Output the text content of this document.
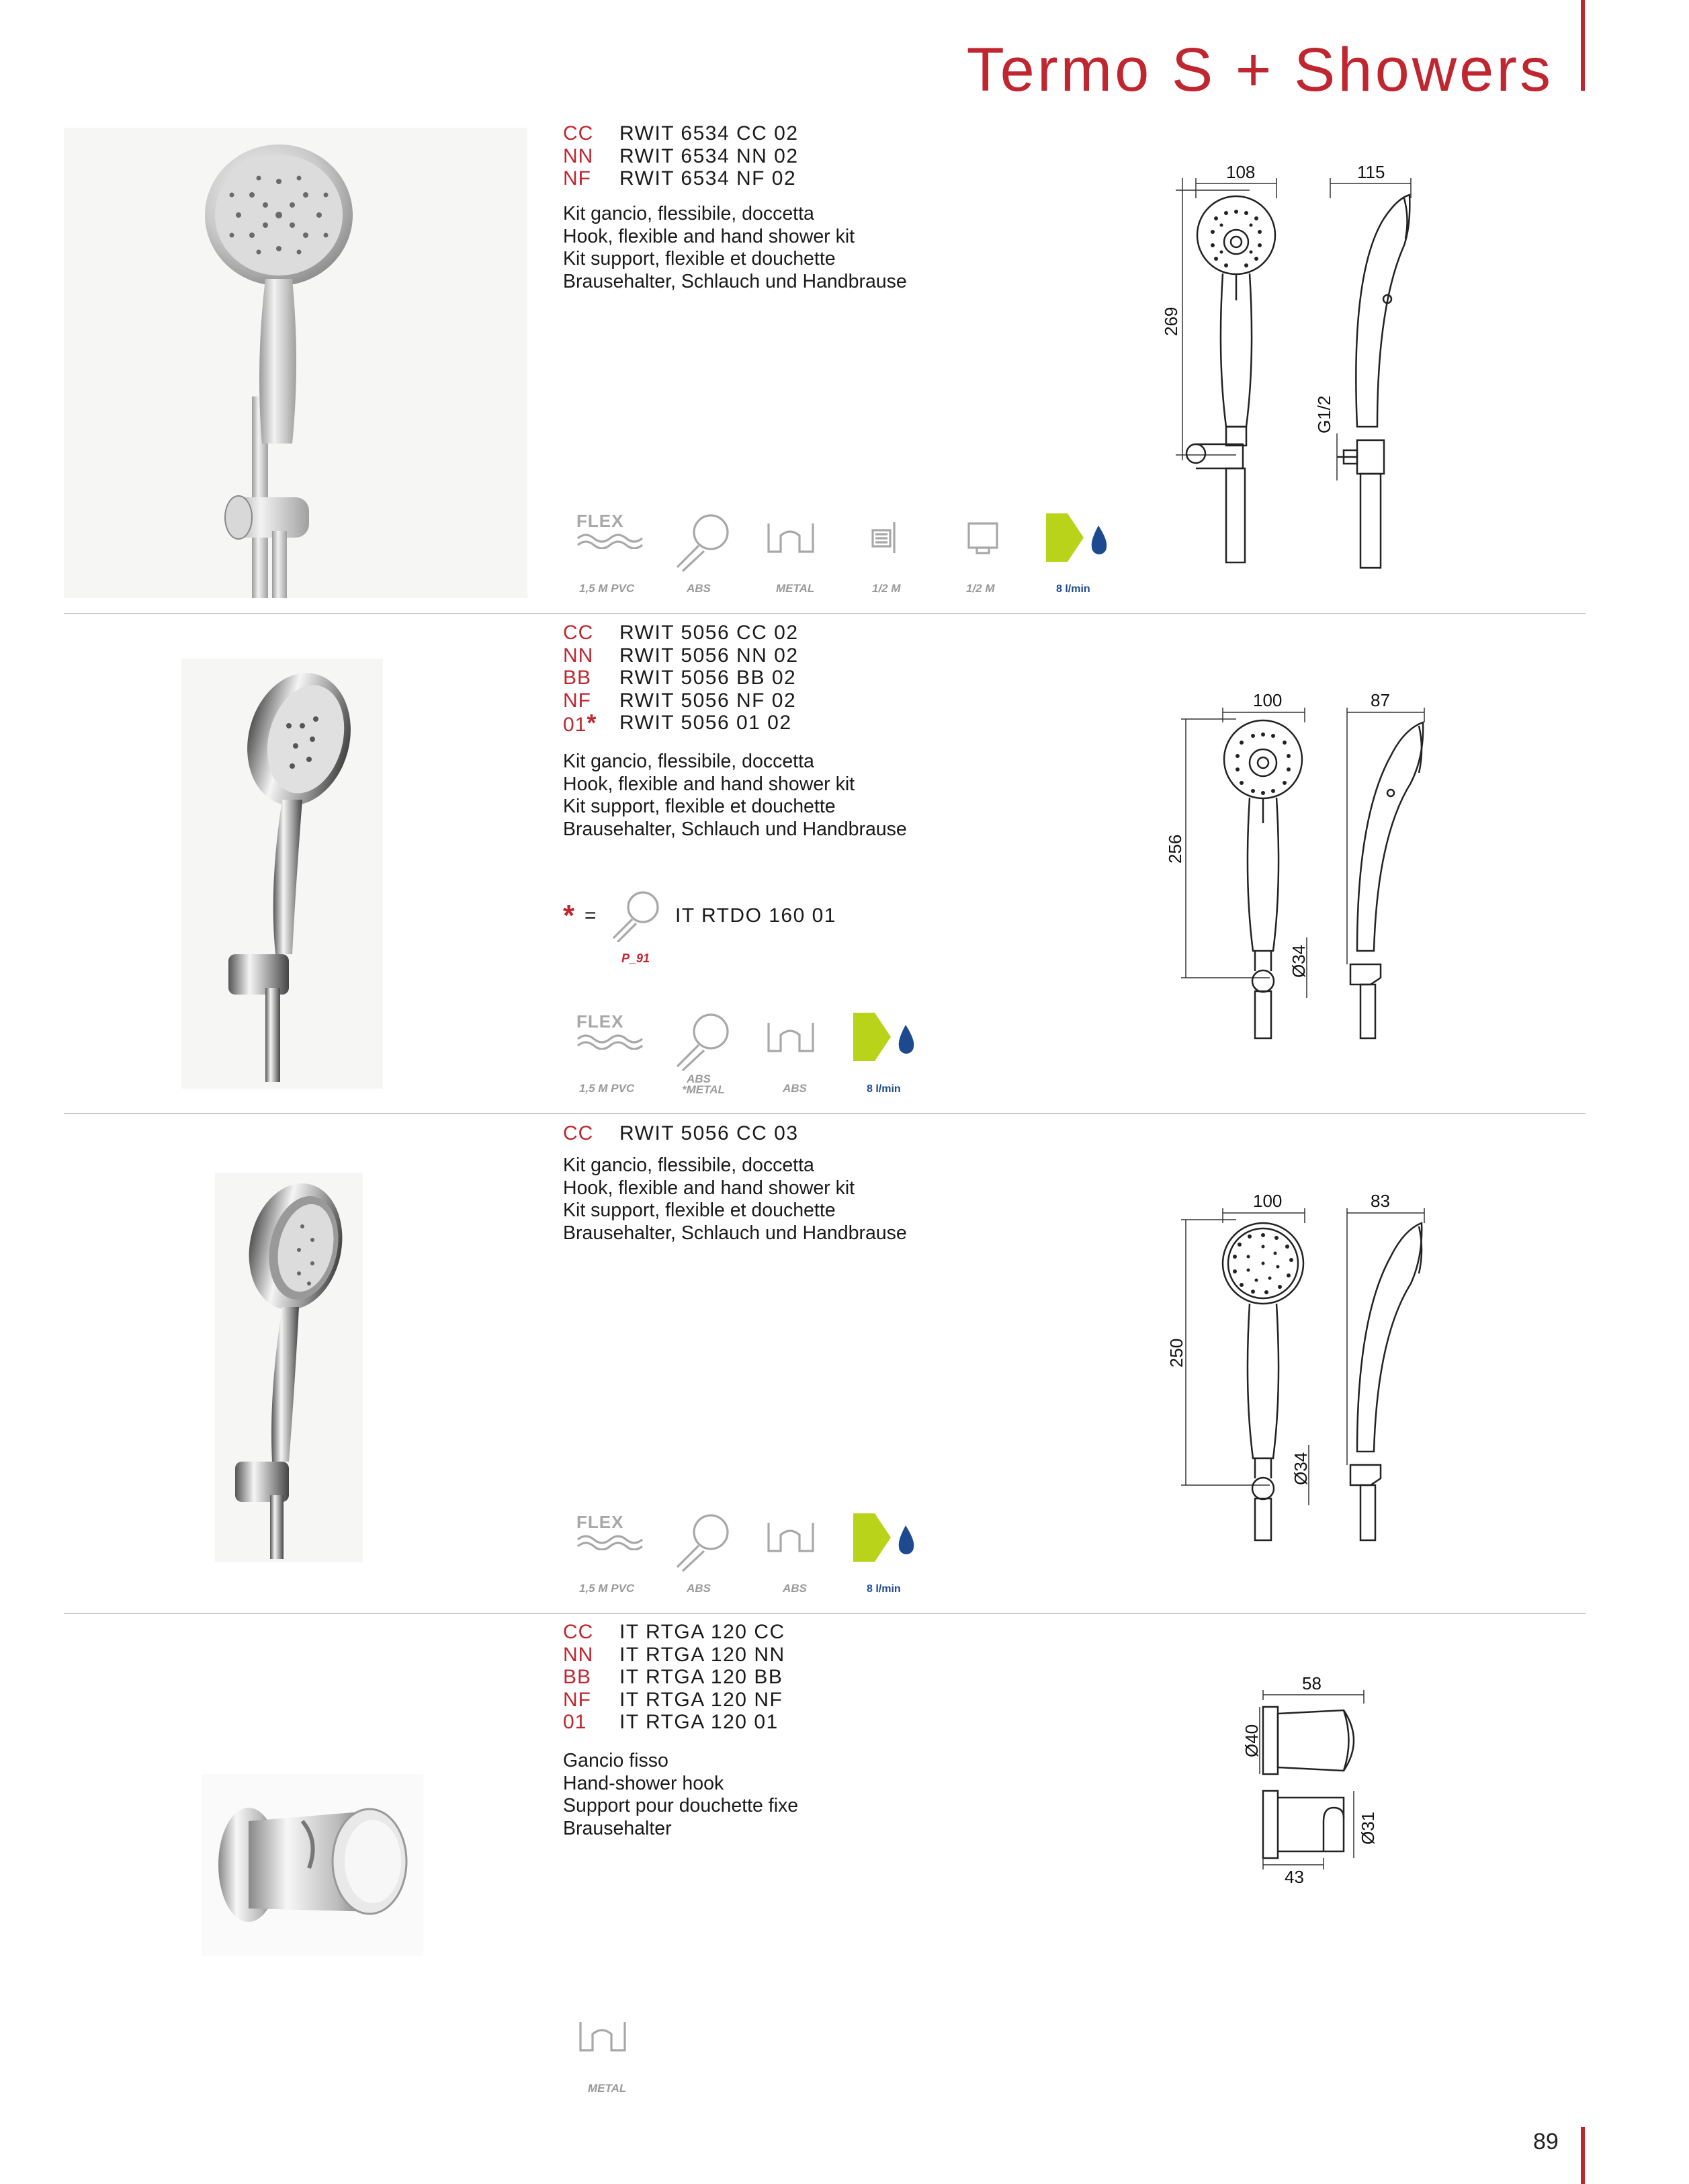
Termo S + Showers
CC	RWIT 6534 CC 02
NN	RWIT 6534 NN 02
NF	RWIT 6534 NF 02
Kit gancio, flessibile, doccetta
Hook, flexible and hand shower kit
Kit support, flexible et douchette
Brausehalter, Schlauch und Handbrause
FLEX
1,5 M PVC	ABS	METAL	1/2 M	1/2 M	8 l/min
108
269
115
G1/2
CC	RWIT 5056 CC 02
NN	RWIT 5056 NN 02
BB	RWIT 5056 BB 02
NF	RWIT 5056 NF 02
01*	RWIT 5056 01 02
Kit gancio, flessibile, doccetta
Hook, flexible and hand shower kit
Kit support, flexible et douchette
Brausehalter, Schlauch und Handbrause
* =	IT RTDO 160 01
P_91
FLEX
1,5 M PVC
ABS
*METAL	ABS	8 l/min
100
256
Ø34
87
CC	RWIT 5056 CC 03
Kit gancio, flessibile, doccetta
Hook, flexible and hand shower kit
Kit support, flexible et douchette
Brausehalter, Schlauch und Handbrause
FLEX
1,5 M PVC	ABS	ABS	8 l/min
100
250
Ø34
83
CC	IT RTGA 120 CC
NN	IT RTGA 120 NN
BB	IT RTGA 120 BB
NF	IT RTGA 120 NF
01	IT RTGA 120 01
Gancio fisso
Hand-shower hook
Support pour douchette fixe
Brausehalter
METAL
58
Ø40
Ø31
43
89
